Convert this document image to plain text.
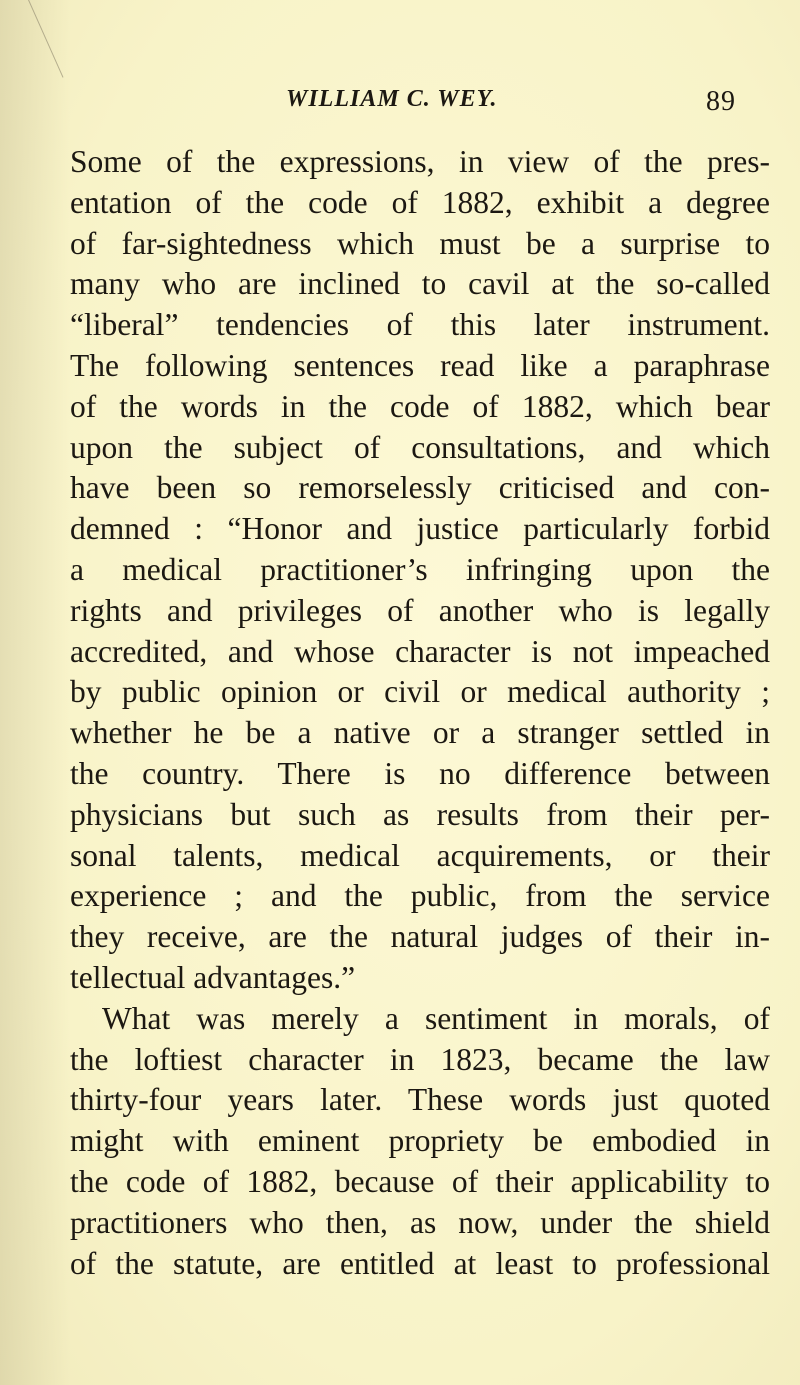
WILLIAM C. WEY.	89
Some of the expressions, in view of the pres-
entation of the code of 1882, exhibit a degree
of far-sightedness which must be a surprise to
many who are inclined to cavil at the so-called
“liberal” tendencies of this later instrument.
The following sentences read like a paraphrase
of the words in the code of 1882, which bear
upon the subject of consultations, and which
have been so remorselessly criticised and con-
demned : “Honor and justice particularly forbid
a medical practitioner’s infringing upon the
rights and privileges of another who is legally
accredited, and whose character is not impeached
by public opinion or civil or medical authority ;
whether he be a native or a stranger settled in
the country. There is no difference between
physicians but such as results from their per-
sonal talents, medical acquirements, or their
experience ; and the public, from the service
they receive, are the natural judges of their in-
tellectual advantages.”
What was merely a sentiment in morals, of
the loftiest character in 1823, became the law
thirty-four years later. These words just quoted
might with eminent propriety be embodied in
the code of 1882, because of their applicability to
practitioners who then, as now, under the shield
of the statute, are entitled at least to professional
